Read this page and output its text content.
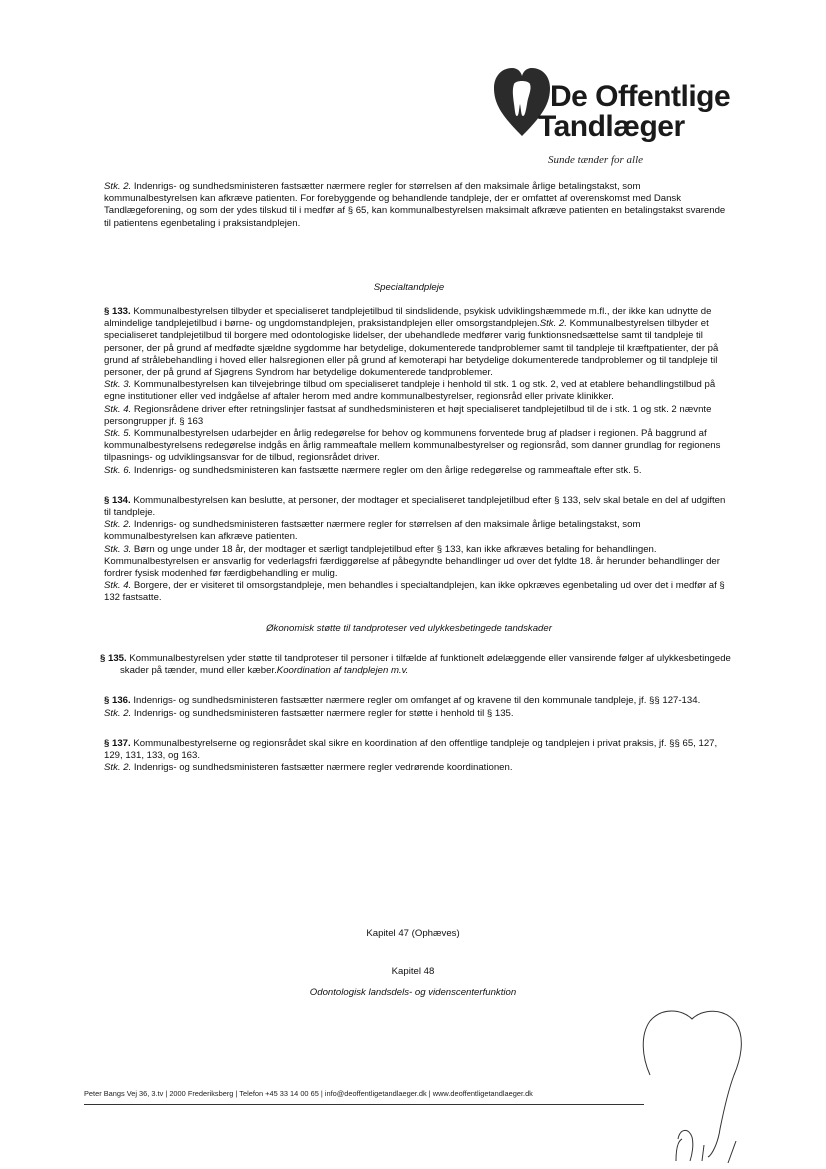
De Offentlige
Tandlæger
Sunde tænder for alle

Stk. 2. Indenrigs- og sundhedsministeren fastsætter nærmere regler for størrelsen af den maksimale årlige betalingstakst, som kommunalbestyrelsen kan afkræve patienten. For forebyggende og behandlende tandpleje, der er omfattet af overenskomst med Dansk Tandlægeforening, og som der ydes tilskud til i medfør af § 65, kan kommunalbestyrelsen maksimalt afkræve patienten en betalingstakst svarende til patientens egenbetaling i praksistandplejen.

Specialtandpleje

§ 133. Kommunalbestyrelsen tilbyder et specialiseret tandplejetilbud til sindslidende, psykisk udviklingshæmmede m.fl., der ikke kan udnytte de almindelige tandplejetilbud i børne- og ungdomstandplejen, praksistandplejen eller omsorgstandplejen.Stk. 2. Kommunalbestyrelsen tilbyder et specialiseret tandplejetilbud til borgere med odontologiske lidelser, der ubehandlede medfører varig funktionsnedsættelse samt til tandpleje til personer, der på grund af medfødte sjældne sygdomme har betydelige, dokumenterede tandproblemer samt til tandpleje til kræftpatienter, der på grund af strålebehandling i hoved eller halsregionen eller på grund af kemoterapi har betydelige dokumenterede tandproblemer og til tandpleje til personer, der på grund af Sjøgrens Syndrom har betydelige dokumenterede tandproblemer.

Stk. 3. Kommunalbestyrelsen kan tilvejebringe tilbud om specialiseret tandpleje i henhold til stk. 1 og stk. 2, ved at etablere behandlingstilbud på egne institutioner eller ved indgåelse af aftaler herom med andre kommunalbestyrelser, regionsråd eller private klinikker.

Stk. 4. Regionsrådene driver efter retningslinjer fastsat af sundhedsministeren et højt specialiseret tandplejetilbud til de i stk. 1 og stk. 2 nævnte persongrupper jf. § 163

Stk. 5. Kommunalbestyrelsen udarbejder en årlig redegørelse for behov og kommunens forventede brug af pladser i regionen. På baggrund af kommunalbestyrelsens redegørelse indgås en årlig rammeaftale mellem kommunalbestyrelser og regionsråd, som danner grundlag for regionens tilpasnings- og udviklingsansvar for de tilbud, regionsrådet driver.

Stk. 6. Indenrigs- og sundhedsministeren kan fastsætte nærmere regler om den årlige redegørelse og rammeaftale efter stk. 5.

§ 134. Kommunalbestyrelsen kan beslutte, at personer, der modtager et specialiseret tandplejetilbud efter § 133, selv skal betale en del af udgiften til tandpleje.

Stk. 2. Indenrigs- og sundhedsministeren fastsætter nærmere regler for størrelsen af den maksimale årlige betalingstakst, som kommunalbestyrelsen kan afkræve patienten.

Stk. 3. Børn og unge under 18 år, der modtager et særligt tandplejetilbud efter § 133, kan ikke afkræves betaling for behandlingen. Kommunalbestyrelsen er ansvarlig for vederlagsfri færdiggørelse af påbegyndte behandlinger ud over det fyldte 18. år herunder behandlinger der fordrer fysisk modenhed før færdigbehandling er mulig.

Stk. 4. Borgere, der er visiteret til omsorgstandpleje, men behandles i specialtandplejen, kan ikke opkræves egenbetaling ud over det i medfør af § 132 fastsatte.

Økonomisk støtte til tandproteser ved ulykkesbetingede tandskader

§ 135. Kommunalbestyrelsen yder støtte til tandproteser til personer i tilfælde af funktionelt ødelæggende eller vansirende følger af ulykkesbetingede skader på tænder, mund eller kæber.Koordination af tandplejen m.v.

§ 136. Indenrigs- og sundhedsministeren fastsætter nærmere regler om omfanget af og kravene til den kommunale tandpleje, jf. §§ 127-134.

Stk. 2. Indenrigs- og sundhedsministeren fastsætter nærmere regler for støtte i henhold til § 135.

§ 137. Kommunalbestyrelserne og regionsrådet skal sikre en koordination af den offentlige tandpleje og tandplejen i privat praksis, jf. §§ 65, 127, 129, 131, 133, og 163.

Stk. 2. Indenrigs- og sundhedsministeren fastsætter nærmere regler vedrørende koordinationen.

Kapitel 47 (Ophæves)
Kapitel 48
Odontologisk landsdels- og videnscenterfunktion
Peter Bangs Vej 36, 3.tv | 2000 Frederiksberg | Telefon +45 33 14 00 65 | info@deoffentligetandlaeger.dk | www.deoffentligetandlaeger.dk
